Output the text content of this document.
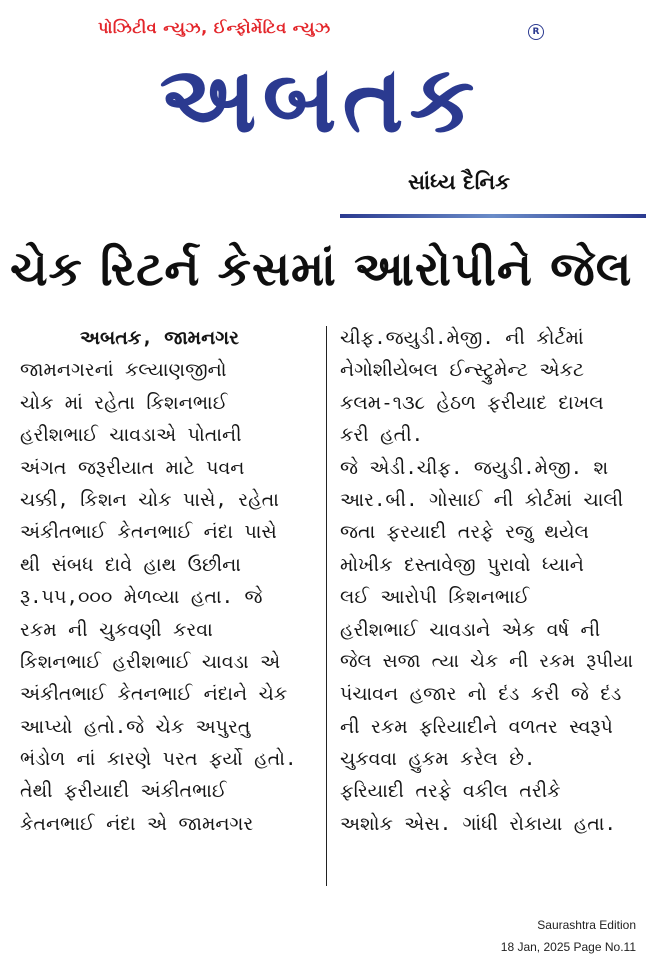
પોઝિટીવ ન્યુઝ, ઈન્ફોર્મેટિવ ન્યુઝ	R
અબતક
સાંધ્ય દૈનિક
ચેક રિટર્ન કેસમાં આરોપીને જેલ
અબતક, જામનગર
જામનગરનાં કલ્યાણજીનો
ચોક માં રહેતા કિશનભાઈ
હરીશભાઈ ચાવડાએ પોતાની
અંગત જરૂરીયાત માટે પવન
ચક્કી, કિશન ચોક પાસે, રહેતા
અંકીતભાઈ કેતનભાઈ નંદા પાસે
થી સંબધ દાવે હાથ ઉછીના
રૂ.૫૫,૦૦૦ મેળવ્યા હતા. જે
રકમ ની ચુકવણી કરવા
કિશનભાઈ હરીશભાઈ ચાવડા એ
અંકીતભાઈ કેતનભાઈ નંદાને ચેક
આપ્યો હતો.જે ચેક અપુરતુ
ભંડોળ નાં કારણે પરત ફર્યો હતો.
તેથી ફરીયાદી અંકીતભાઈ
કેતનભાઈ નંદા એ જામનગર
ચીફ.જયુડી.મેજી. ની કોર્ટમાં
નેગોશીયેબલ ઈન્સ્ટ્રુમેન્ટ એકટ
કલમ-૧૩૮ હેઠળ ફરીયાદ દાખલ
કરી હતી.
જે એડી.ચીફ. જયુડી.મેજી. શ
આર.બી. ગોસાઈ ની કોર્ટમાં ચાલી
જતા ફરયાદી તરફે રજુ થયેલ
મોખીક દસ્તાવેજી પુરાવો ધ્યાને
લઈ આરોપી કિશનભાઈ
હરીશભાઈ ચાવડાને એક વર્ષ ની
જેલ સજા ત્યા ચેક ની રકમ રૂપીયા
પંચાવન હજાર નો દંડ કરી જે દંડ
ની રકમ ફરિયાદીને વળતર સ્વરૂપે
ચુકવવા હુકમ કરેલ છે.
ફરિયાદી તરફે વકીલ તરીકે
અશોક એસ. ગાંધી રોકાયા હતા.
Saurashtra Edition
18 Jan, 2025 Page No.11
